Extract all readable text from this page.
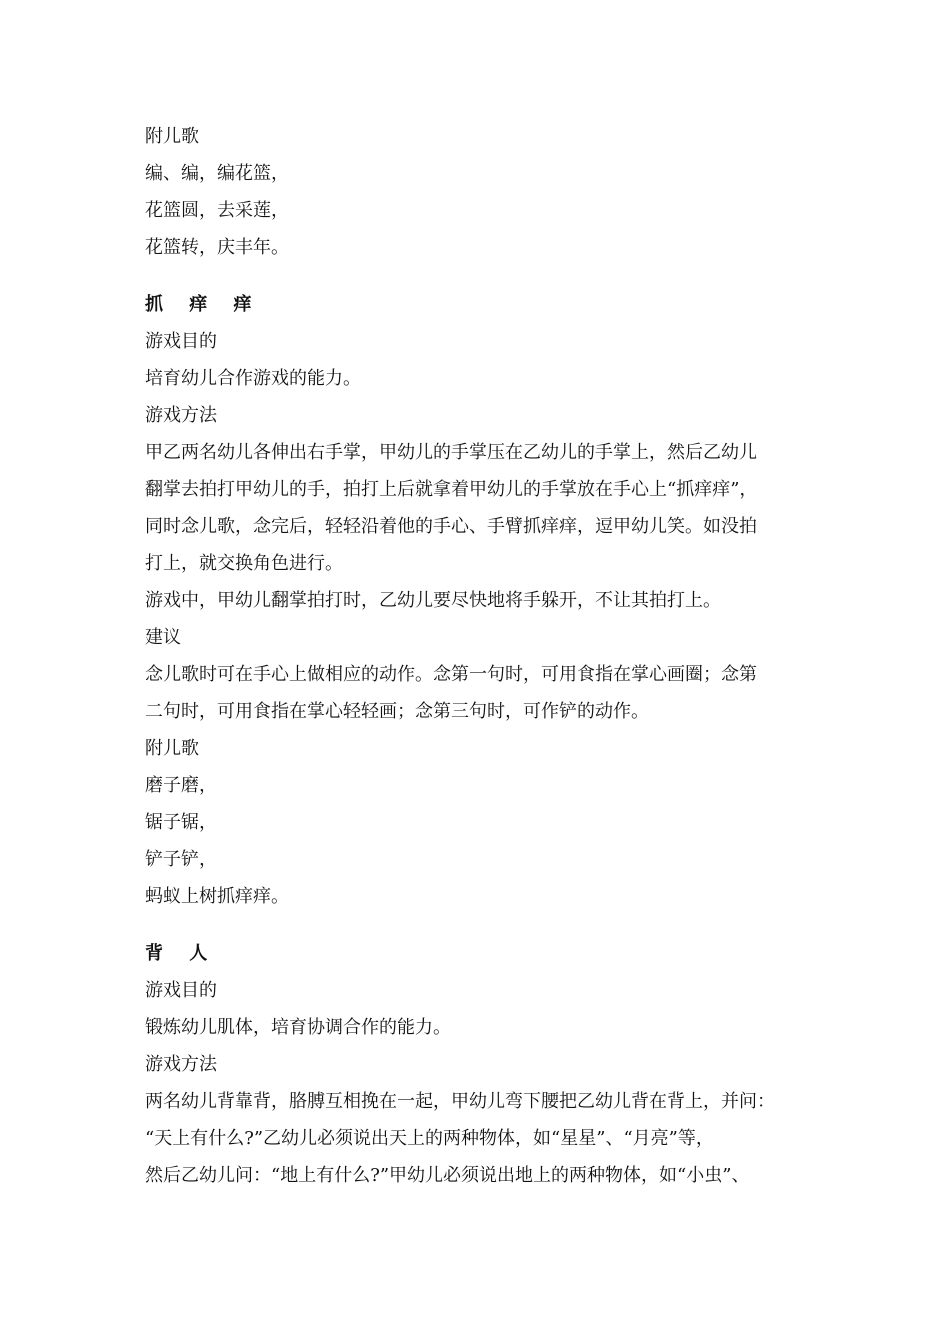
附儿歌

编、编，编花篮，

花篮圆，去采莲，

花篮转，庆丰年。

抓 痒 痒

游戏目的

培育幼儿合作游戏的能力。

游戏方法

甲乙两名幼儿各伸出右手掌，甲幼儿的手掌压在乙幼儿的手掌上，然后乙幼儿

翻掌去拍打甲幼儿的手，拍打上后就拿着甲幼儿的手掌放在手心上“抓痒痒”，

同时念儿歌，念完后，轻轻沿着他的手心、手臂抓痒痒，逗甲幼儿笑。如没拍

打上，就交换角色进行。

游戏中，甲幼儿翻掌拍打时，乙幼儿要尽快地将手躲开，不让其拍打上。

建议

念儿歌时可在手心上做相应的动作。念第一句时，可用食指在掌心画圈；念第

二句时，可用食指在掌心轻轻画；念第三句时，可作铲的动作。

附儿歌

磨子磨，

锯子锯，

铲子铲，

蚂蚁上树抓痒痒。

背 人

游戏目的

锻炼幼儿肌体，培育协调合作的能力。

游戏方法

两名幼儿背靠背，胳膊互相挽在一起，甲幼儿弯下腰把乙幼儿背在背上，并问：

“天上有什么?”乙幼儿必须说出天上的两种物体，如“星星”、“月亮”等，

然后乙幼儿问：“地上有什么?”甲幼儿必须说出地上的两种物体，如“小虫”、
